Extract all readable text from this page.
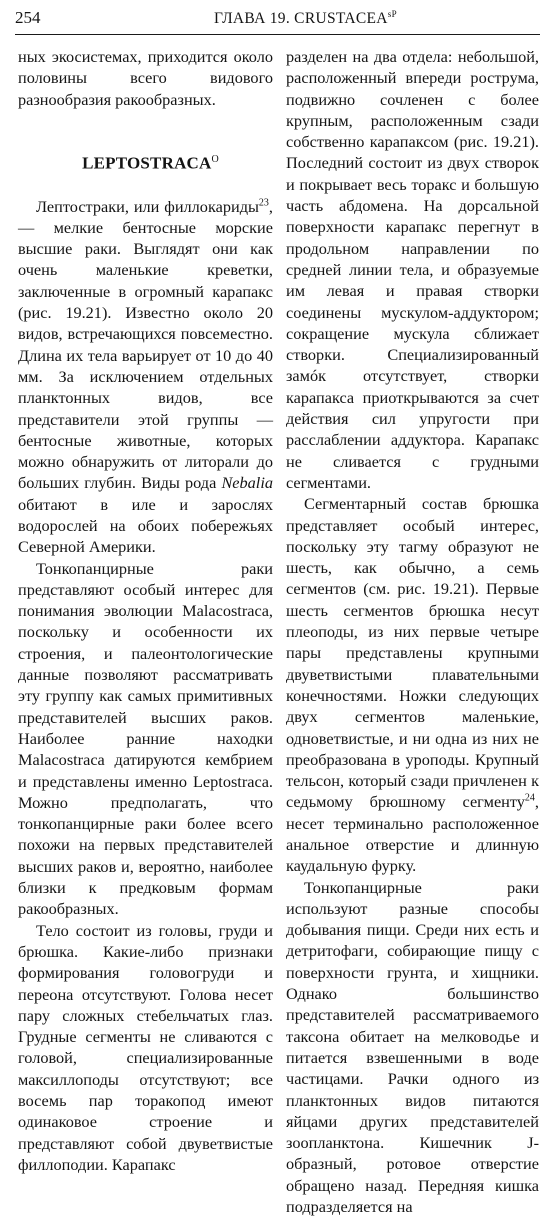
254	ГЛАВА 19. $CRUSTACEA^{sP}$

ных экосистемах, приходится около половины всего видового разнообразия ракообразных.

$LEPTOSTRACA^O$

Лептостраки, или филлокариды$^{23}$, — мелкие бентосные морские высшие раки. Выглядят они как очень маленькие креветки, заключенные в огромный карапакс (рис. 19.21). Известно около 20 видов, встречающихся повсеместно. Длина их тела варьирует от 10 до 40 мм. За исключением отдельных планктонных видов, все представители этой группы — бентосные животные, которых можно обнаружить от литорали до больших глубин. Виды рода Nebalia обитают в иле и зарослях водорослей на обоих побережьях Северной Америки.

Тонкопанцирные раки представляют особый интерес для понимания эволюции Malacostraca, поскольку и особенности их строения, и палеонтологические данные позволяют рассматривать эту группу как самых примитивных представителей высших раков. Наиболее ранние находки Malacostraca датируются кембрием и представлены именно Leptostraca. Можно предполагать, что тонкопанцирные раки более всего похожи на первых представителей высших раков и, вероятно, наиболее близки к предковым формам ракообразных.

Тело состоит из головы, груди и брюшка. Какие-либо признаки формирования головогруди и переона отсутствуют. Голова несет пару сложных стебельчатых глаз. Грудные сегменты не сливаются с головой, специализированные максиллоподы отсутствуют; все восемь пар торакопод имеют одинаковое строение и представляют собой двуветвистые филлоподии. Карапакс

разделен на два отдела: небольшой, расположенный впереди рострума, подвижно сочленен с более крупным, расположенным сзади собственно карапаксом (рис. 19.21). Последний состоит из двух створок и покрывает весь торакс и большую часть абдомена. На дорсальной поверхности карапакс перегнут в продольном направлении по средней линии тела, и образуемые им левая и правая створки соединены мускулом-аддуктором; сокращение мускула сближает створки. Специализированный замóк отсутствует, створки карапакса приоткрываются за счет действия сил упругости при расслаблении аддуктора. Карапакс не сливается с грудными сегментами.

Сегментарный состав брюшка представляет особый интерес, поскольку эту тагму образуют не шесть, как обычно, а семь сегментов (см. рис. 19.21). Первые шесть сегментов брюшка несут плеоподы, из них первые четыре пары представлены крупными двуветвистыми плавательными конечностями. Ножки следующих двух сегментов маленькие, одноветвистые, и ни одна из них не преобразована в уроподы. Крупный тельсон, который сзади причленен к седьмому брюшному сегменту$^{24}$, несет терминально расположенное анальное отверстие и длинную каудальную фурку.

Тонкопанцирные раки используют разные способы добывания пищи. Среди них есть и детритофаги, собирающие пищу с поверхности грунта, и хищники. Однако большинство представителей рассматриваемого таксона обитает на мелководье и питается взвешенными в воде частицами. Рачки одного из планктонных видов питаются яйцами других представителей зоопланктона. Кишечник J-образный, ротовое отверстие обращено назад. Передняя кишка подразделяется на
